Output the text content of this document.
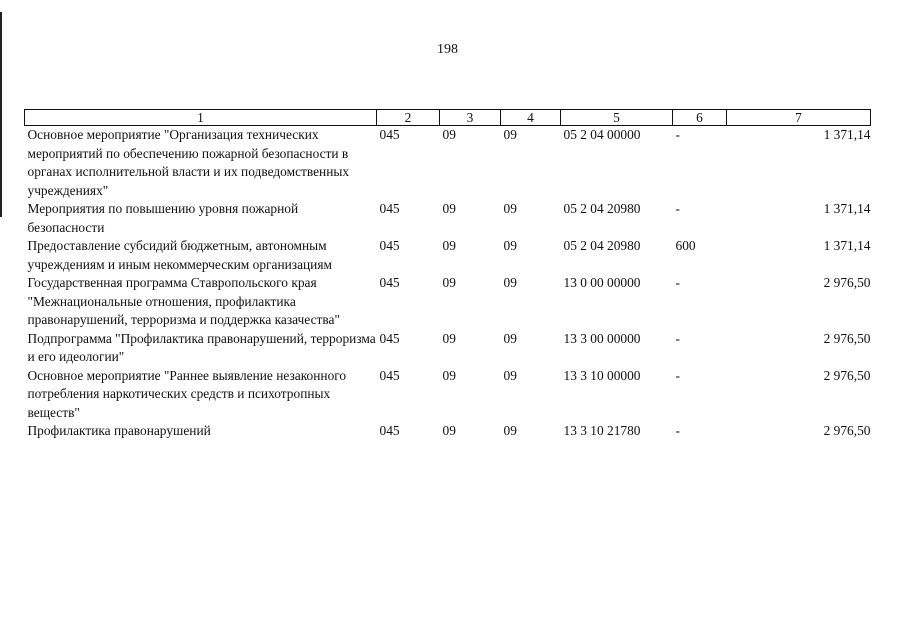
198
1	2	3	4	5	6	7
Основное мероприятие "Организация технических мероприятий по обеспечению пожарной безопасности в органах исполнительной власти и их подведомственных учреждениях"	045	09	09	05 2 04 00000	-	1 371,14
Мероприятия по повышению уровня пожарной безопасности	045	09	09	05 2 04 20980	-	1 371,14
Предоставление субсидий бюджетным, автономным учреждениям и иным некоммерческим организациям	045	09	09	05 2 04 20980	600	1 371,14
Государственная программа Ставропольского края "Межнациональные отношения, профилактика правонарушений, терроризма и поддержка казачества"	045	09	09	13 0 00 00000	-	2 976,50
Подпрограмма "Профилактика правонарушений, терроризма и его идеологии"	045	09	09	13 3 00 00000	-	2 976,50
Основное мероприятие "Раннее выявление незаконного потребления наркотических средств и психотропных веществ"	045	09	09	13 3 10 00000	-	2 976,50
Профилактика правонарушений	045	09	09	13 3 10 21780	-	2 976,50
